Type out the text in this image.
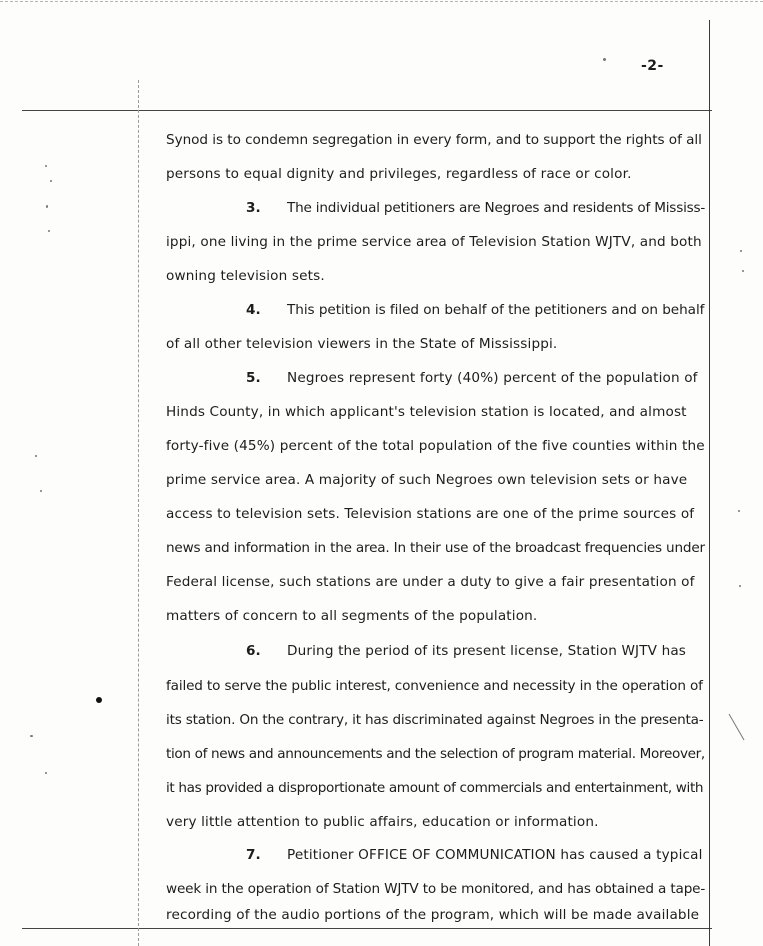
-2-
Synod is to condemn segregation in every form, and to support the rights of all
persons to equal dignity and privileges, regardless of race or color.
3. The individual petitioners are Negroes and residents of Mississ-
ippi, one living in the prime service area of Television Station WJTV, and both
owning television sets.
4. This petition is filed on behalf of the petitioners and on behalf
of all other television viewers in the State of Mississippi.
5. Negroes represent forty (40%) percent of the population of
Hinds County, in which applicant's television station is located, and almost
forty-five (45%) percent of the total population of the five counties within the
prime service area. A majority of such Negroes own television sets or have
access to television sets. Television stations are one of the prime sources of
news and information in the area. In their use of the broadcast frequencies under
Federal license, such stations are under a duty to give a fair presentation of
matters of concern to all segments of the population.
6. During the period of its present license, Station WJTV has
failed to serve the public interest, convenience and necessity in the operation of
its station. On the contrary, it has discriminated against Negroes in the presenta-
tion of news and announcements and the selection of program material. Moreover,
it has provided a disproportionate amount of commercials and entertainment, with
very little attention to public affairs, education or information.
7. Petitioner OFFICE OF COMMUNICATION has caused a typical
week in the operation of Station WJTV to be monitored, and has obtained a tape-
recording of the audio portions of the program, which will be made available
